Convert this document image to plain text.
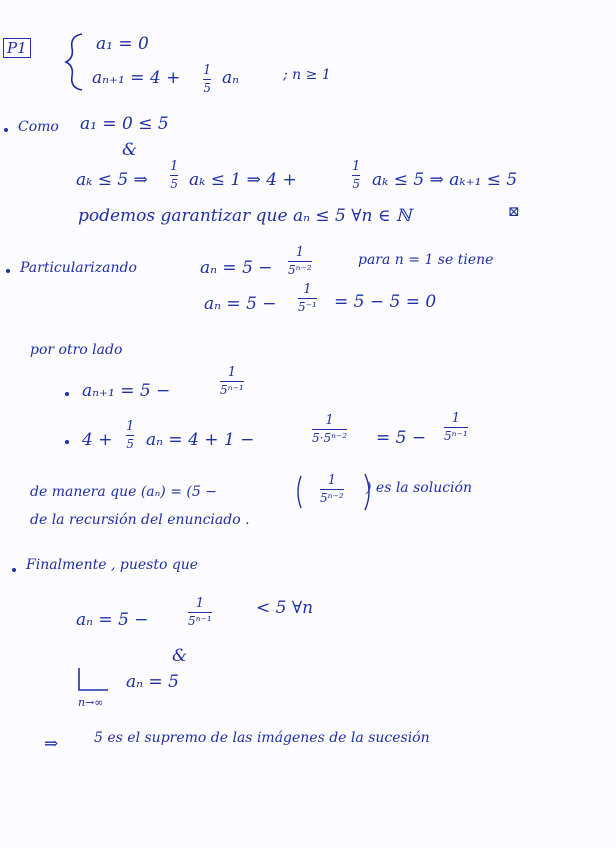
P1	a₁ = 0
aₙ₊₁ = 4 + 1
5 aₙ	; n ≥ 1
Como a₁ = 0 ≤ 5
&
aₖ ≤ 5 ⇒
1
5 aₖ ≤ 1 ⇒ 4 +
1
5 aₖ ≤ 5 ⇒ aₖ₊₁ ≤ 5
podemos garantizar que aₙ ≤ 5 ∀n ∈ ℕ	⊠
Particularizando	aₙ = 5 −
1
5ⁿ⁻²
para n = 1 se tiene
aₙ = 5 −
1
5⁻¹ = 5 − 5 = 0
por otro lado
aₙ₊₁ = 5 −
1
5ⁿ⁻¹
4 +
1
5 aₙ = 4 + 1 −
1
5·5ⁿ⁻² = 5 −
1
5ⁿ⁻¹
de manera que (aₙ) = (5 −
1
5ⁿ⁻²
) es la solución
de la recursión del enunciado .
Finalmente , puesto que
aₙ = 5 −
1
5ⁿ⁻¹
< 5 ∀n
&
n→∞
aₙ = 5
⇒	5 es el supremo de las imágenes de la sucesión
